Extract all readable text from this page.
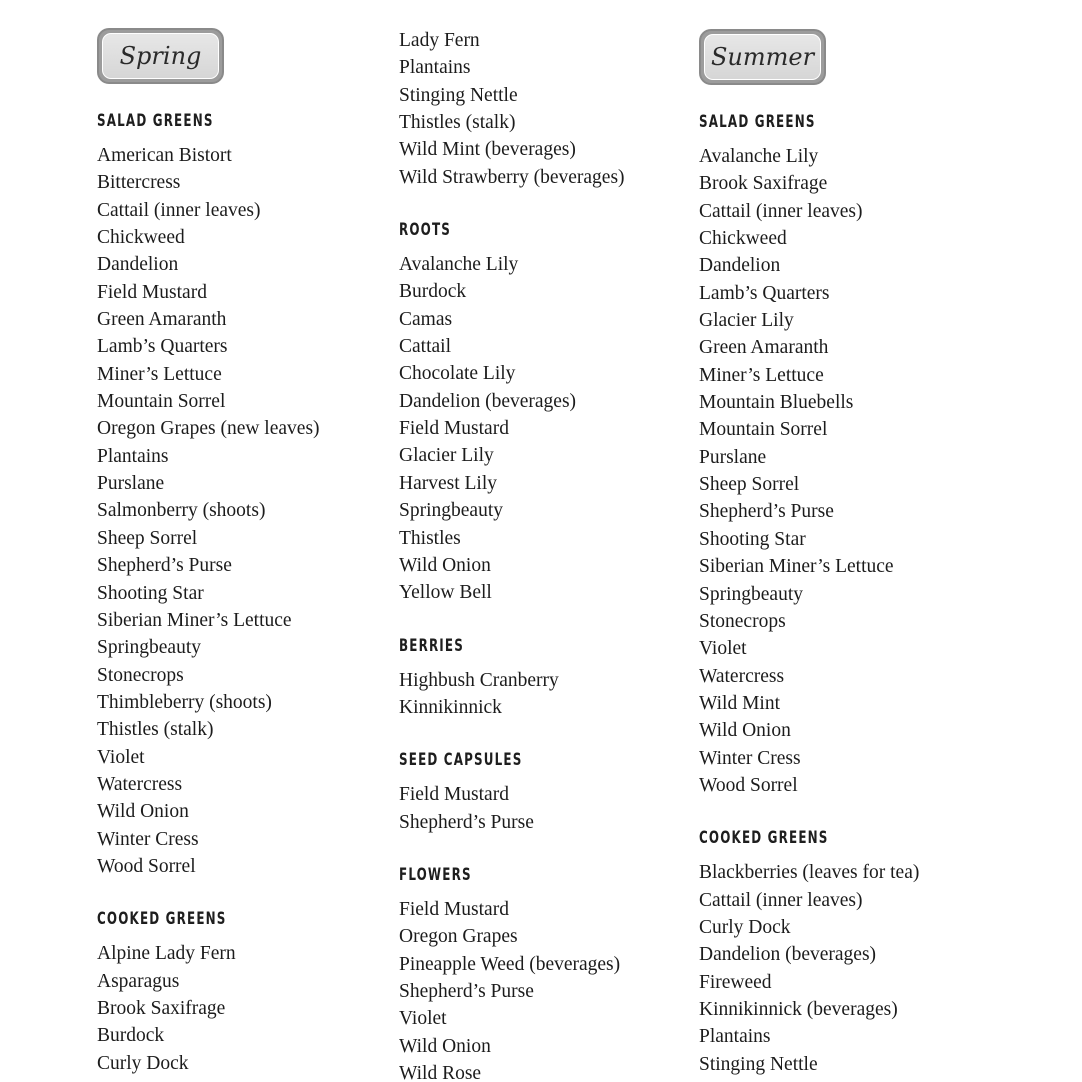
Spring
SALAD GREENS
American Bistort
Bittercress
Cattail (inner leaves)
Chickweed
Dandelion
Field Mustard
Green Amaranth
Lamb’s Quarters
Miner’s Lettuce
Mountain Sorrel
Oregon Grapes (new leaves)
Plantains
Purslane
Salmonberry (shoots)
Sheep Sorrel
Shepherd’s Purse
Shooting Star
Siberian Miner’s Lettuce
Springbeauty
Stonecrops
Thimbleberry (shoots)
Thistles (stalk)
Violet
Watercress
Wild Onion
Winter Cress
Wood Sorrel
COOKED GREENS
Alpine Lady Fern
Asparagus
Brook Saxifrage
Burdock
Curly Dock
Lady Fern
Plantains
Stinging Nettle
Thistles (stalk)
Wild Mint (beverages)
Wild Strawberry (beverages)
ROOTS
Avalanche Lily
Burdock
Camas
Cattail
Chocolate Lily
Dandelion (beverages)
Field Mustard
Glacier Lily
Harvest Lily
Springbeauty
Thistles
Wild Onion
Yellow Bell
BERRIES
Highbush Cranberry
Kinnikinnick
SEED CAPSULES
Field Mustard
Shepherd’s Purse
FLOWERS
Field Mustard
Oregon Grapes
Pineapple Weed (beverages)
Shepherd’s Purse
Violet
Wild Onion
Wild Rose
Summer
SALAD GREENS
Avalanche Lily
Brook Saxifrage
Cattail (inner leaves)
Chickweed
Dandelion
Lamb’s Quarters
Glacier Lily
Green Amaranth
Miner’s Lettuce
Mountain Bluebells
Mountain Sorrel
Purslane
Sheep Sorrel
Shepherd’s Purse
Shooting Star
Siberian Miner’s Lettuce
Springbeauty
Stonecrops
Violet
Watercress
Wild Mint
Wild Onion
Winter Cress
Wood Sorrel
COOKED GREENS
Blackberries (leaves for tea)
Cattail (inner leaves)
Curly Dock
Dandelion (beverages)
Fireweed
Kinnikinnick (beverages)
Plantains
Stinging Nettle
